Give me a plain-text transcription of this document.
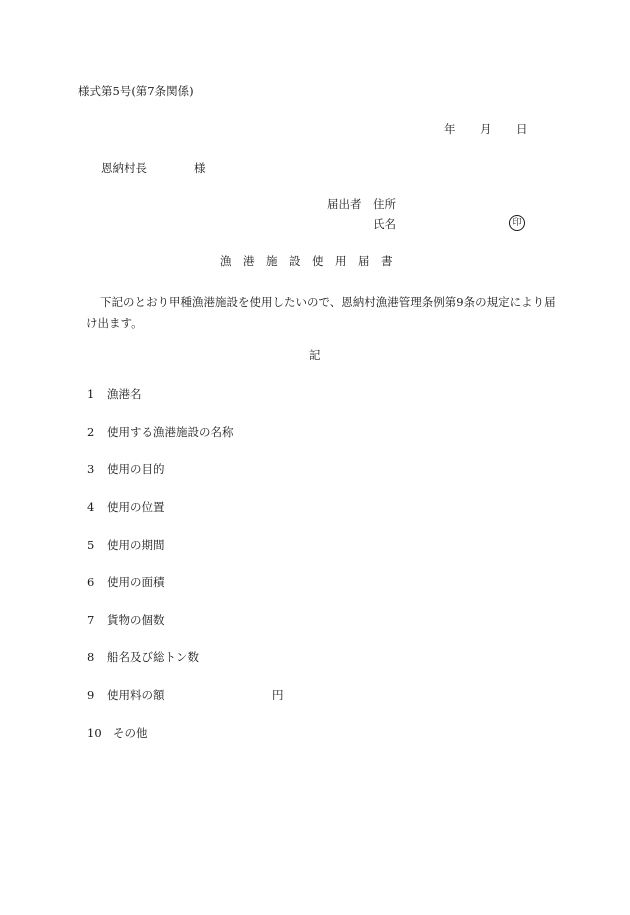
様式第5号(第7条関係)
年 月 日
恩納村長	様
届出者 住所
氏名	印
漁 港 施 設 使 用 届 書
下記のとおり甲種漁港施設を使用したいので、恩納村漁港管理条例第9条の規定により届け出ます。
記
1 漁港名
2 使用する漁港施設の名称
3 使用の目的
4 使用の位置
5 使用の期間
6 使用の面積
7 貨物の個数
8 船名及び総トン数
9 使用料の額	円
10 その他
